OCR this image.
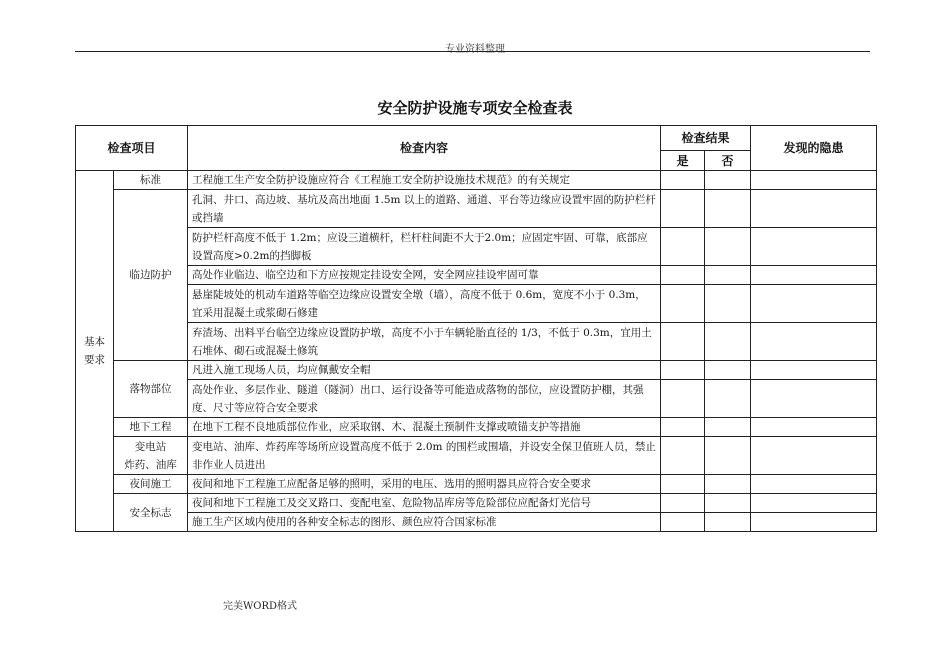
专业资料整理
安全防护设施专项安全检查表
检查项目		检查内容	检查结果		发现的隐患
			是	否	

基本要求	标准	工程施工生产安全防护设施应符合《工程施工安全防护设施技术规范》的有关规定			
	临边防护	孔洞、井口、高边坡、基坑及高出地面 1.5m 以上的道路、通道、平台等边缘应设置牢固的防护栏杆或挡墙			
		防护栏杆高度不低于 1.2m；应设三道横杆，栏杆柱间距不大于2.0m；应固定牢固、可靠，底部应设置高度>0.2m的挡脚板			
		高处作业临边、临空边和下方应按规定挂设安全网，安全网应挂设牢固可靠			
		悬崖陡坡处的机动车道路等临空边缘应设置安全墩（墙），高度不低于 0.6m，宽度不小于 0.3m，宜采用混凝土或浆砌石修建			
		弃渣场、出料平台临空边缘应设置防护墩，高度不小于车辆轮胎直径的 1/3，不低于 0.3m，宜用土石堆体、砌石或混凝土修筑			
	落物部位	凡进入施工现场人员，均应佩戴安全帽			
		高处作业、多层作业、隧道（隧洞）出口、运行设备等可能造成落物的部位，应设置防护棚，其强度、尺寸等应符合安全要求			
	地下工程	在地下工程不良地质部位作业，应采取钢、木、混凝土预制件支撑或喷锚支护等措施			

	变电站
炸药、油库	变电站、油库、炸药库等场所应设置高度不低于 2.0m 的围栏或围墙，并设安全保卫值班人员，禁止非作业人员进出			
	夜间施工	夜间和地下工程施工应配备足够的照明，采用的电压、选用的照明器具应符合安全要求			
	安全标志	夜间和地下工程施工及交叉路口、变配电室、危险物品库房等危险部位应配备灯光信号			
		施工生产区域内使用的各种安全标志的图形、颜色应符合国家标准			
完美WORD格式
